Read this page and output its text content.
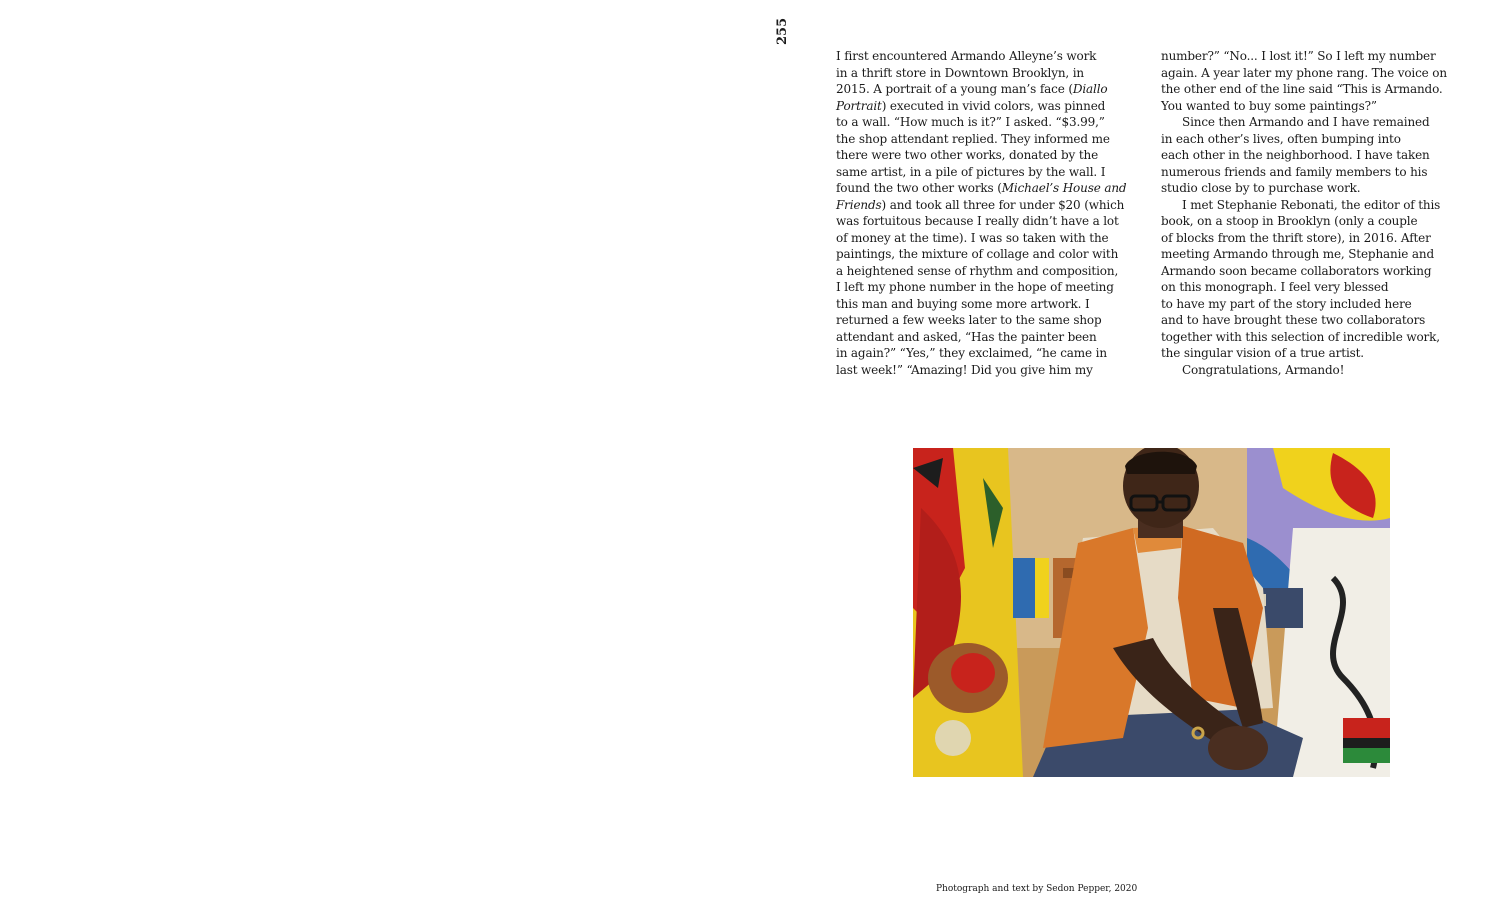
255
I first encountered Armando Alleyne’s work
in a thrift store in Downtown Brooklyn, in
2015. A portrait of a young man’s face (Diallo
Portrait) executed in vivid colors, was pinned
to a wall. “How much is it?” I asked. “$3.99,”
the shop attendant replied. They informed me
there were two other works, donated by the
same artist, in a pile of pictures by the wall. I
found the two other works (Michael’s House and
Friends) and took all three for under $20 (which
was fortuitous because I really didn’t have a lot
of money at the time). I was so taken with the
paintings, the mixture of collage and color with
a heightened sense of rhythm and composition,
I left my phone number in the hope of meeting
this man and buying some more artwork. I
returned a few weeks later to the same shop
attendant and asked, “Has the painter been
in again?” “Yes,” they exclaimed, “he came in
last week!” “Amazing! Did you give him my
number?” “No... I lost it!” So I left my number
again. A year later my phone rang. The voice on
the other end of the line said “This is Armando.
You wanted to buy some paintings?”
Since then Armando and I have remained
in each other’s lives, often bumping into
each other in the neighborhood. I have taken
numerous friends and family members to his
studio close by to purchase work.
I met Stephanie Rebonati, the editor of this
book, on a stoop in Brooklyn (only a couple
of blocks from the thrift store), in 2016. After
meeting Armando through me, Stephanie and
Armando soon became collaborators working
on this monograph. I feel very blessed
to have my part of the story included here
and to have brought these two collaborators
together with this selection of incredible work,
the singular vision of a true artist.
Congratulations, Armando!
Photograph and text by Sedon Pepper, 2020
